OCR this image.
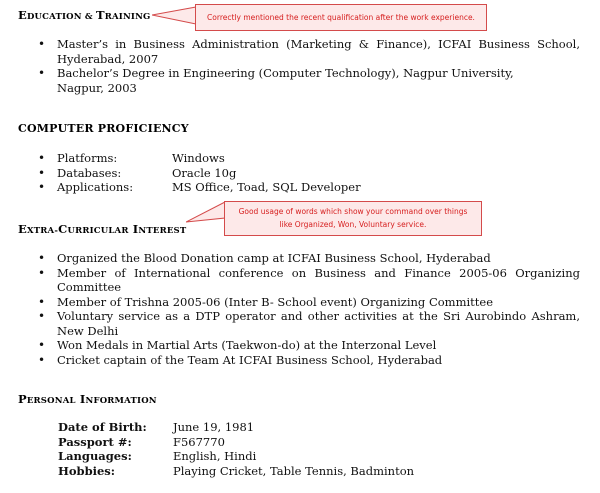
EDUCATION & TRAINING	Correctly mentioned the recent qualification after the work experience.
• Master’s in Business Administration (Marketing & Finance), ICFAI Business School,
Hyderabad, 2007
• Bachelor’s Degree in Engineering (Computer Technology), Nagpur University,
Nagpur, 2003
COMPUTER PROFICIENCY
• Platforms:	Windows
• Databases:	Oracle 10g
• Applications:	MS Office, Toad, SQL Developer
EXTRA-CURRICULAR INTEREST
Good usage of words which show your command over things like Organized, Won, Voluntary service.
• Organized the Blood Donation camp at ICFAI Business School, Hyderabad
• Member of International conference on Business and Finance 2005-06 Organizing Committee
• Member of Trishna 2005-06 (Inter B- School event) Organizing Committee
• Voluntary service as a DTP operator and other activities at the Sri Aurobindo Ashram, New Delhi
• Won Medals in Martial Arts (Taekwon-do) at the Interzonal Level
• Cricket captain of the Team At ICFAI Business School, Hyderabad
PERSONAL INFORMATION
Date of Birth:	June 19, 1981
Passport #:	F567770
Languages:	English, Hindi
Hobbies:	Playing Cricket, Table Tennis, Badminton
